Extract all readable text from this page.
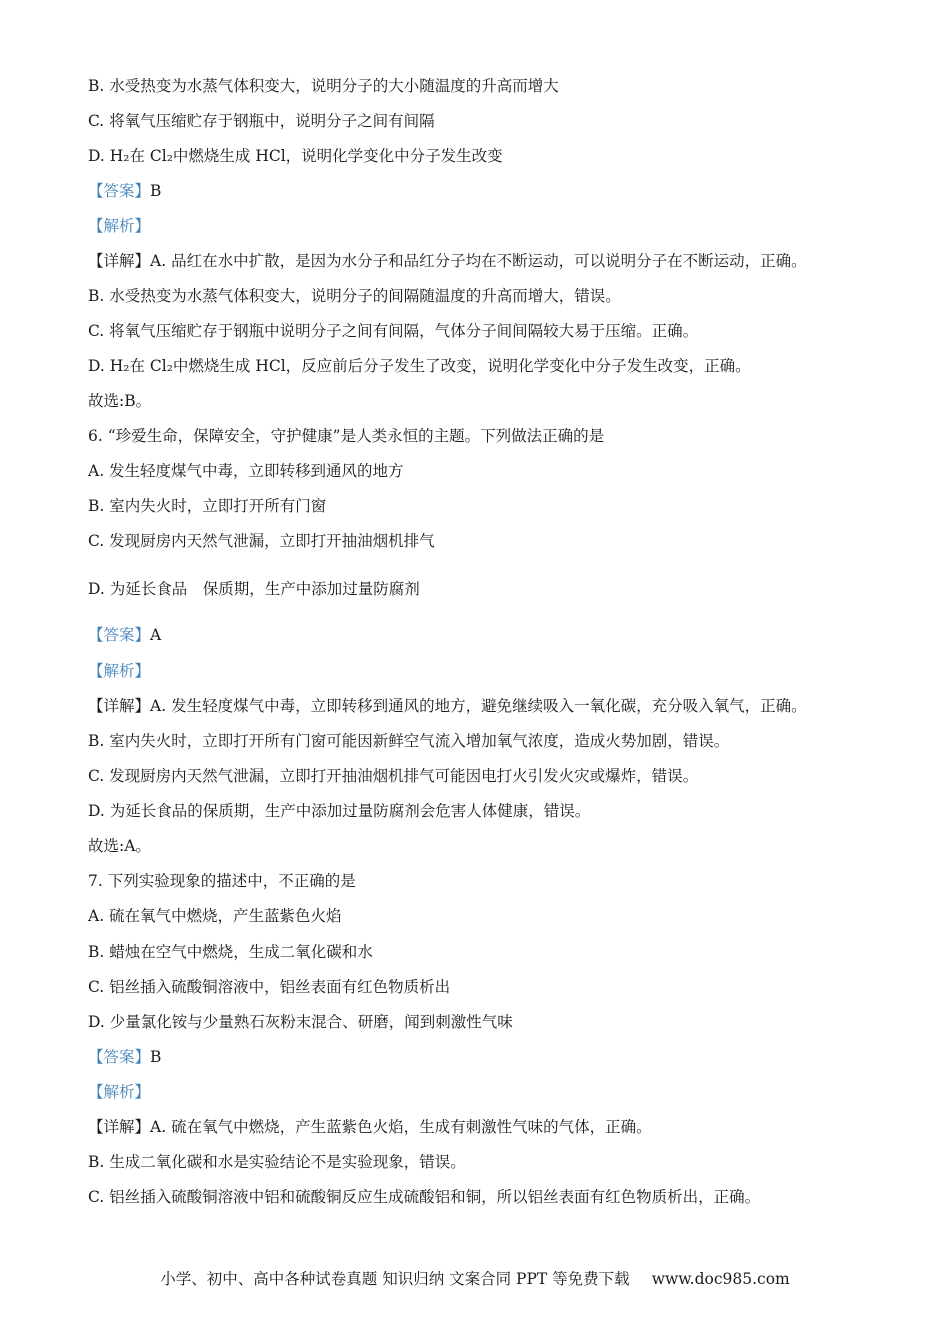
B. 水受热变为水蒸气体积变大，说明分子的大小随温度的升高而增大
C. 将氧气压缩贮存于钢瓶中，说明分子之间有间隔
D. H₂在 Cl₂中燃烧生成 HCl，说明化学变化中分子发生改变
【答案】B
【解析】
【详解】A. 品红在水中扩散，是因为水分子和品红分子均在不断运动，可以说明分子在不断运动，正确。
B. 水受热变为水蒸气体积变大，说明分子的间隔随温度的升高而增大，错误。
C. 将氧气压缩贮存于钢瓶中说明分子之间有间隔，气体分子间间隔较大易于压缩。正确。
D. H₂在 Cl₂中燃烧生成 HCl，反应前后分子发生了改变，说明化学变化中分子发生改变，正确。
故选:B。
6. “珍爱生命，保障安全，守护健康”是人类永恒的主题。下列做法正确的是
A. 发生轻度煤气中毒，立即转移到通风的地方
B. 室内失火时，立即打开所有门窗
C. 发现厨房内天然气泄漏，立即打开抽油烟机排气
D. 为延长食品　保质期，生产中添加过量防腐剂
【答案】A
【解析】
【详解】A. 发生轻度煤气中毒，立即转移到通风的地方，避免继续吸入一氧化碳，充分吸入氧气，正确。
B. 室内失火时，立即打开所有门窗可能因新鲜空气流入增加氧气浓度，造成火势加剧，错误。
C. 发现厨房内天然气泄漏，立即打开抽油烟机排气可能因电打火引发火灾或爆炸，错误。
D. 为延长食品的保质期，生产中添加过量防腐剂会危害人体健康，错误。
故选:A。
7. 下列实验现象的描述中，不正确的是
A. 硫在氧气中燃烧，产生蓝紫色火焰
B. 蜡烛在空气中燃烧，生成二氧化碳和水
C. 铝丝插入硫酸铜溶液中，铝丝表面有红色物质析出
D. 少量氯化铵与少量熟石灰粉末混合、研磨，闻到刺激性气味
【答案】B
【解析】
【详解】A. 硫在氧气中燃烧，产生蓝紫色火焰，生成有刺激性气味的气体，正确。
B. 生成二氧化碳和水是实验结论不是实验现象，错误。
C. 铝丝插入硫酸铜溶液中铝和硫酸铜反应生成硫酸铝和铜，所以铝丝表面有红色物质析出，正确。
小学、初中、高中各种试卷真题 知识归纳 文案合同 PPT 等免费下载 www.doc985.com
